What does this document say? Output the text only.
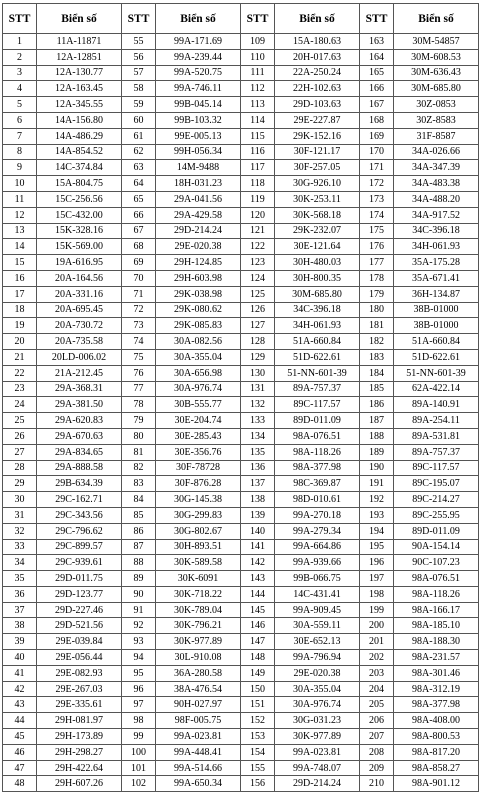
STT	Biển số	STT	Biển số	STT	Biển số	STT	Biển số
1	11A-11871	55	99A-171.69	109	15A-180.63	163	30M-54857
2	12A-12851	56	99A-239.44	110	20H-017.63	164	30M-608.53
3	12A-130.77	57	99A-520.75	111	22A-250.24	165	30M-636.43
4	12A-163.45	58	99A-746.11	112	22H-102.63	166	30M-685.80
5	12A-345.55	59	99B-045.14	113	29D-103.63	167	30Z-0853
6	14A-156.80	60	99B-103.32	114	29E-227.87	168	30Z-8583
7	14A-486.29	61	99E-005.13	115	29K-152.16	169	31F-8587
8	14A-854.52	62	99H-056.34	116	30F-121.17	170	34A-026.66
9	14C-374.84	63	14M-9488	117	30F-257.05	171	34A-347.39
10	15A-804.75	64	18H-031.23	118	30G-926.10	172	34A-483.38
11	15C-256.56	65	29A-041.56	119	30K-253.11	173	34A-488.20
12	15C-432.00	66	29A-429.58	120	30K-568.18	174	34A-917.52
13	15K-328.16	67	29D-214.24	121	29K-232.07	175	34C-396.18
14	15K-569.00	68	29E-020.38	122	30E-121.64	176	34H-061.93
15	19A-616.95	69	29H-124.85	123	30H-480.03	177	35A-175.28
16	20A-164.56	70	29H-603.98	124	30H-800.35	178	35A-671.41
17	20A-331.16	71	29K-038.98	125	30M-685.80	179	36H-134.87
18	20A-695.45	72	29K-080.62	126	34C-396.18	180	38B-01000
19	20A-730.72	73	29K-085.83	127	34H-061.93	181	38B-01000
20	20A-735.58	74	30A-082.56	128	51A-660.84	182	51A-660.84
21	20LD-006.02	75	30A-355.04	129	51D-622.61	183	51D-622.61
22	21A-212.45	76	30A-656.98	130	51-NN-601-39	184	51-NN-601-39
23	29A-368.31	77	30A-976.74	131	89A-757.37	185	62A-422.14
24	29A-381.50	78	30B-555.77	132	89C-117.57	186	89A-140.91
25	29A-620.83	79	30E-204.74	133	89D-011.09	187	89A-254.11
26	29A-670.63	80	30E-285.43	134	98A-076.51	188	89A-531.81
27	29A-834.65	81	30E-356.76	135	98A-118.26	189	89A-757.37
28	29A-888.58	82	30F-78728	136	98A-377.98	190	89C-117.57
29	29B-634.39	83	30F-876.28	137	98C-369.87	191	89C-195.07
30	29C-162.71	84	30G-145.38	138	98D-010.61	192	89C-214.27
31	29C-343.56	85	30G-299.83	139	99A-270.18	193	89C-255.95
32	29C-796.62	86	30G-802.67	140	99A-279.34	194	89D-011.09
33	29C-899.57	87	30H-893.51	141	99A-664.86	195	90A-154.14
34	29C-939.61	88	30K-589.58	142	99A-939.66	196	90C-107.23
35	29D-011.75	89	30K-6091	143	99B-066.75	197	98A-076.51
36	29D-123.77	90	30K-718.22	144	14C-431.41	198	98A-118.26
37	29D-227.46	91	30K-789.04	145	99A-909.45	199	98A-166.17
38	29D-521.56	92	30K-796.21	146	30A-559.11	200	98A-185.10
39	29E-039.84	93	30K-977.89	147	30E-652.13	201	98A-188.30
40	29E-056.44	94	30L-910.08	148	99A-796.94	202	98A-231.57
41	29E-082.93	95	36A-280.58	149	29E-020.38	203	98A-301.46
42	29E-267.03	96	38A-476.54	150	30A-355.04	204	98A-312.19
43	29E-335.61	97	90H-027.97	151	30A-976.74	205	98A-377.98
44	29H-081.97	98	98F-005.75	152	30G-031.23	206	98A-408.00
45	29H-173.89	99	99A-023.81	153	30K-977.89	207	98A-800.53
46	29H-298.27	100	99A-448.41	154	99A-023.81	208	98A-817.20
47	29H-422.64	101	99A-514.66	155	99A-748.07	209	98A-858.27
48	29H-607.26	102	99A-650.34	156	29D-214.24	210	98A-901.12
